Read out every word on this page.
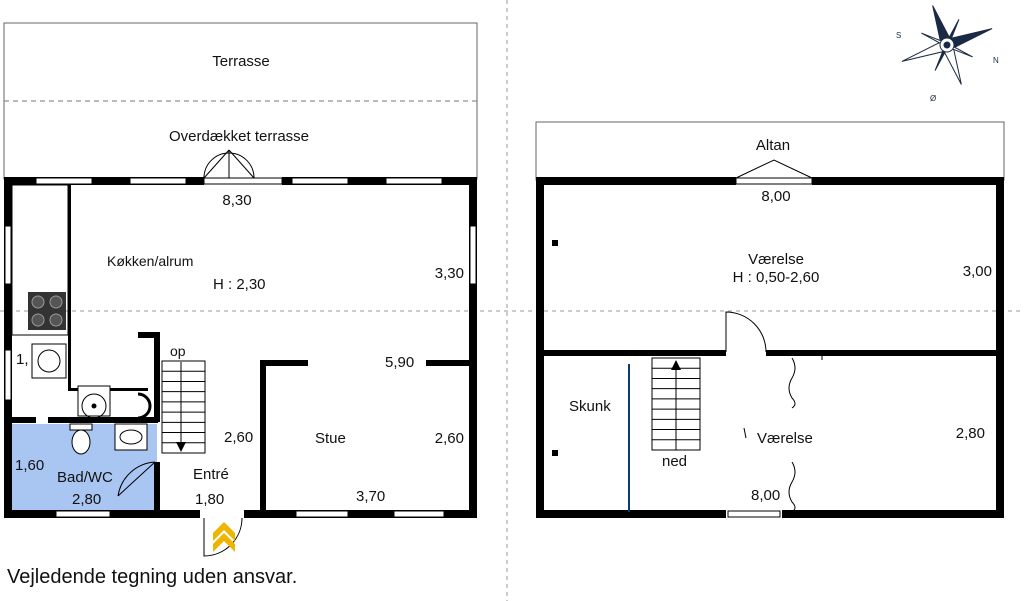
N
S
Ø
Terrasse
Overdækket terrasse
8,30
Køkken/alrum
H : 2,30
3,30
op
5,90
1,
2,60	Stue	2,60
1,60
Bad/WC
2,80
Entré
1,80	3,70
Altan
8,00
Værelse
H : 0,50-2,60	3,00
Skunk
ned
Værelse	2,80
8,00
Vejledende tegning uden ansvar.
